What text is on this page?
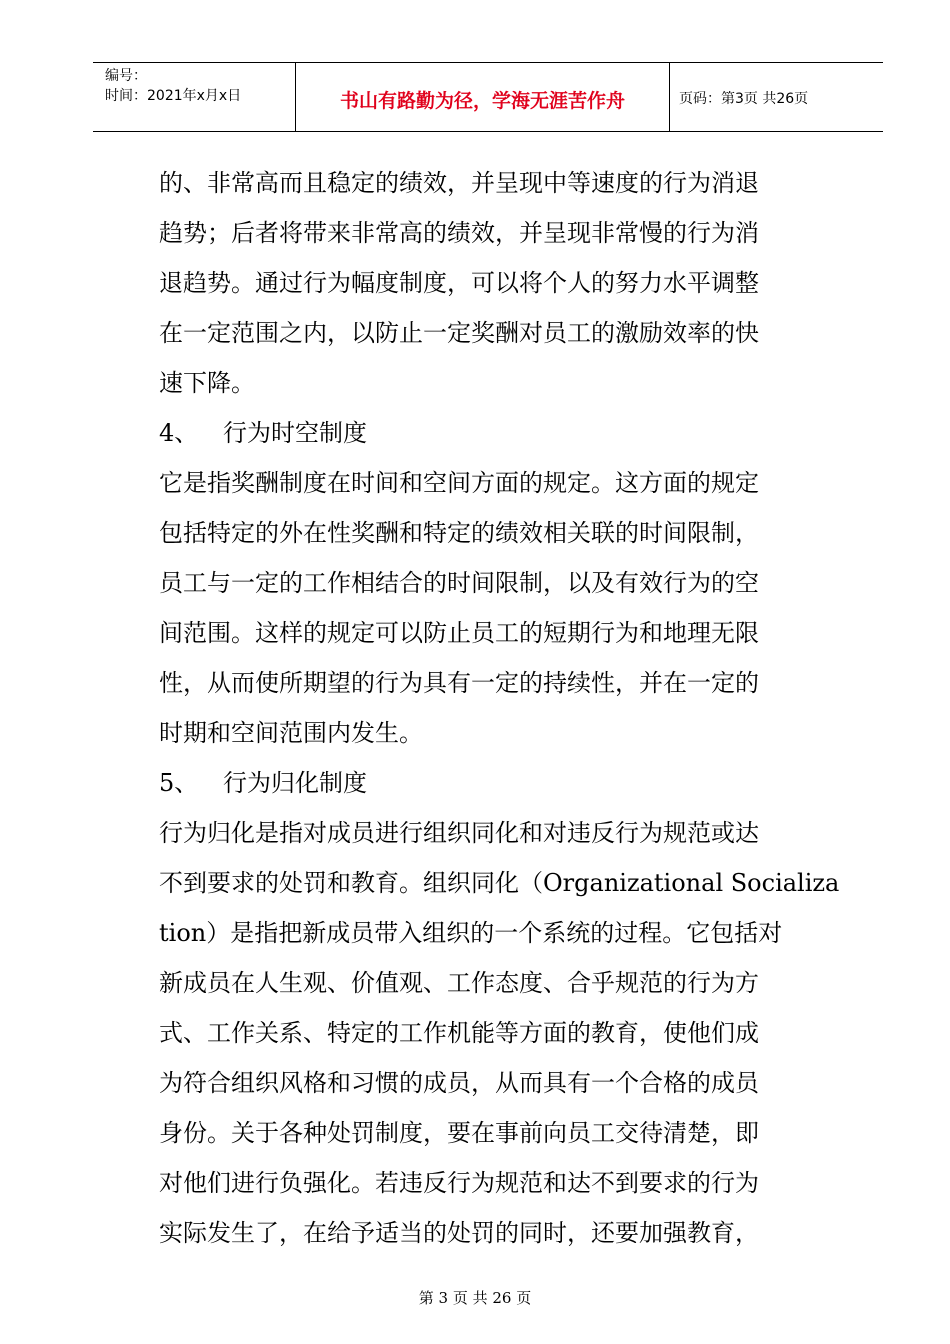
编号：
时间：2021年x月x日	书山有路勤为径，学海无涯苦作舟	页码：第3页 共26页
的、非常高而且稳定的绩效，并呈现中等速度的行为消退
趋势；后者将带来非常高的绩效，并呈现非常慢的行为消
退趋势。通过行为幅度制度，可以将个人的努力水平调整
在一定范围之内，以防止一定奖酬对员工的激励效率的快
速下降。
4、 行为时空制度
它是指奖酬制度在时间和空间方面的规定。这方面的规定
包括特定的外在性奖酬和特定的绩效相关联的时间限制，
员工与一定的工作相结合的时间限制，以及有效行为的空
间范围。这样的规定可以防止员工的短期行为和地理无限
性，从而使所期望的行为具有一定的持续性，并在一定的
时期和空间范围内发生。
5、 行为归化制度
行为归化是指对成员进行组织同化和对违反行为规范或达
不到要求的处罚和教育。组织同化（Organizational Socializa
tion）是指把新成员带入组织的一个系统的过程。它包括对
新成员在人生观、价值观、工作态度、合乎规范的行为方
式、工作关系、特定的工作机能等方面的教育，使他们成
为符合组织风格和习惯的成员，从而具有一个合格的成员
身份。关于各种处罚制度，要在事前向员工交待清楚，即
对他们进行负强化。若违反行为规范和达不到要求的行为
实际发生了，在给予适当的处罚的同时，还要加强教育，
第 3 页 共 26 页
